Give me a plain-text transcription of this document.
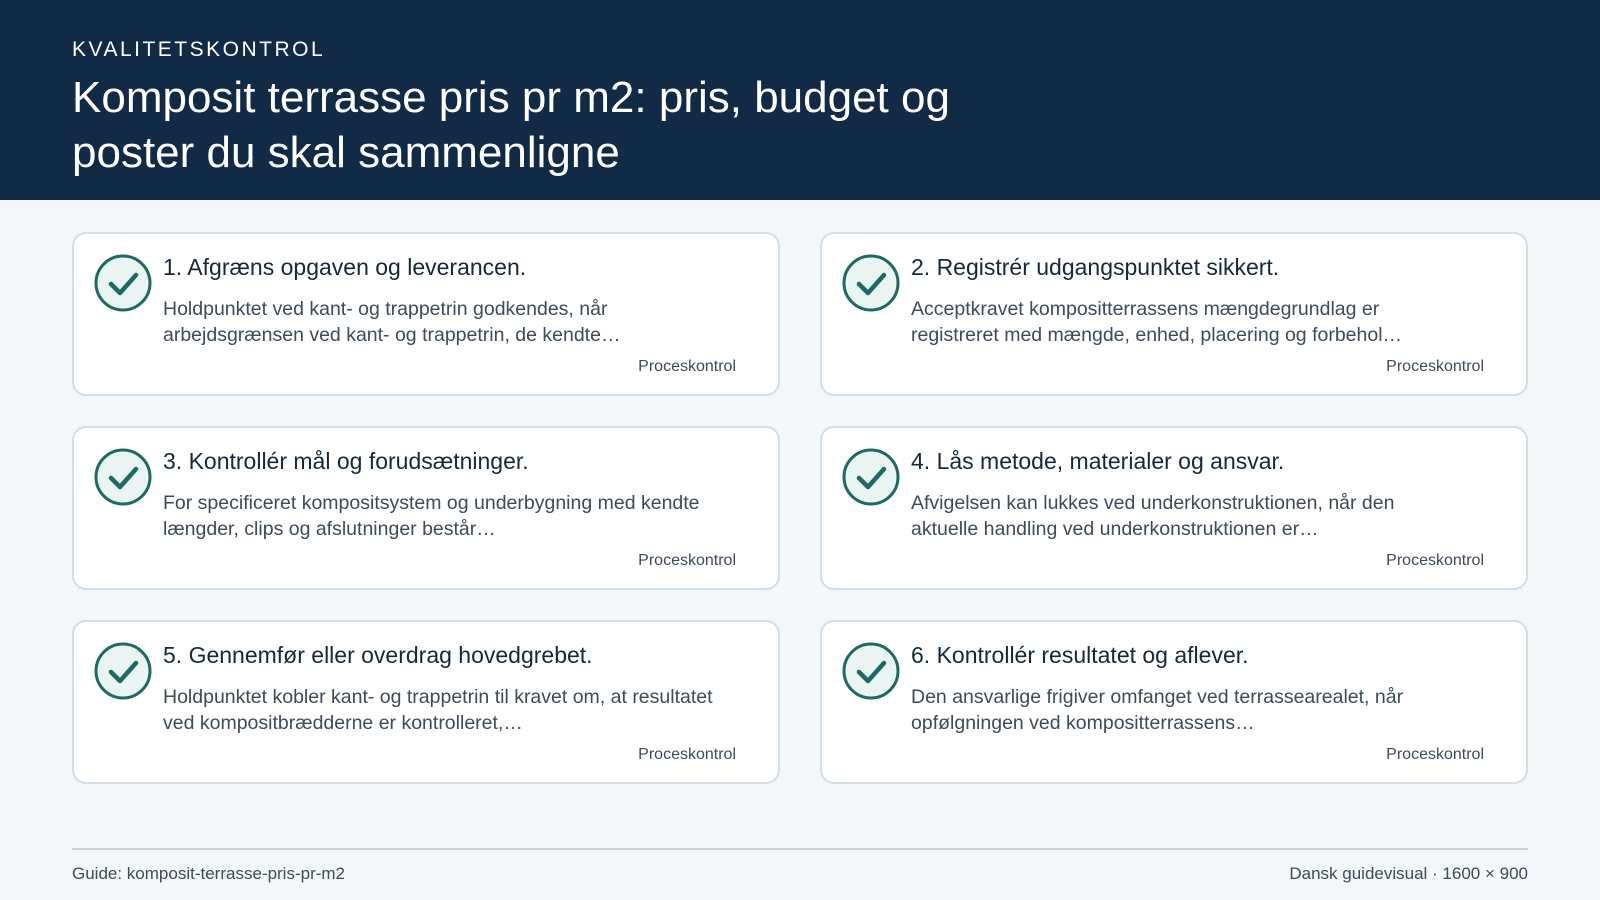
KVALITETSKONTROL
Komposit terrasse pris pr m2: pris, budget og poster du skal sammenligne
1. Afgræns opgaven og leverancen.
Holdpunktet ved kant- og trappetrin godkendes, når arbejdsgrænsen ved kant- og trappetrin, de kendte…
Proceskontrol
2. Registrér udgangspunktet sikkert.
Acceptkravet kompositterrassens mængdegrundlag er registreret med mængde, enhed, placering og forbehol…
Proceskontrol
3. Kontrollér mål og forudsætninger.
For specificeret kompositsystem og underbygning med kendte længder, clips og afslutninger består…
Proceskontrol
4. Lås metode, materialer og ansvar.
Afvigelsen kan lukkes ved underkonstruktionen, når den aktuelle handling ved underkonstruktionen er…
Proceskontrol
5. Gennemfør eller overdrag hovedgrebet.
Holdpunktet kobler kant- og trappetrin til kravet om, at resultatet ved kompositbrædderne er kontrolleret,…
Proceskontrol
6. Kontrollér resultatet og aflever.
Den ansvarlige frigiver omfanget ved terrassearealet, når opfølgningen ved kompositterrassens…
Proceskontrol
Guide: komposit-terrasse-pris-pr-m2	Dansk guidevisual · 1600 × 900
